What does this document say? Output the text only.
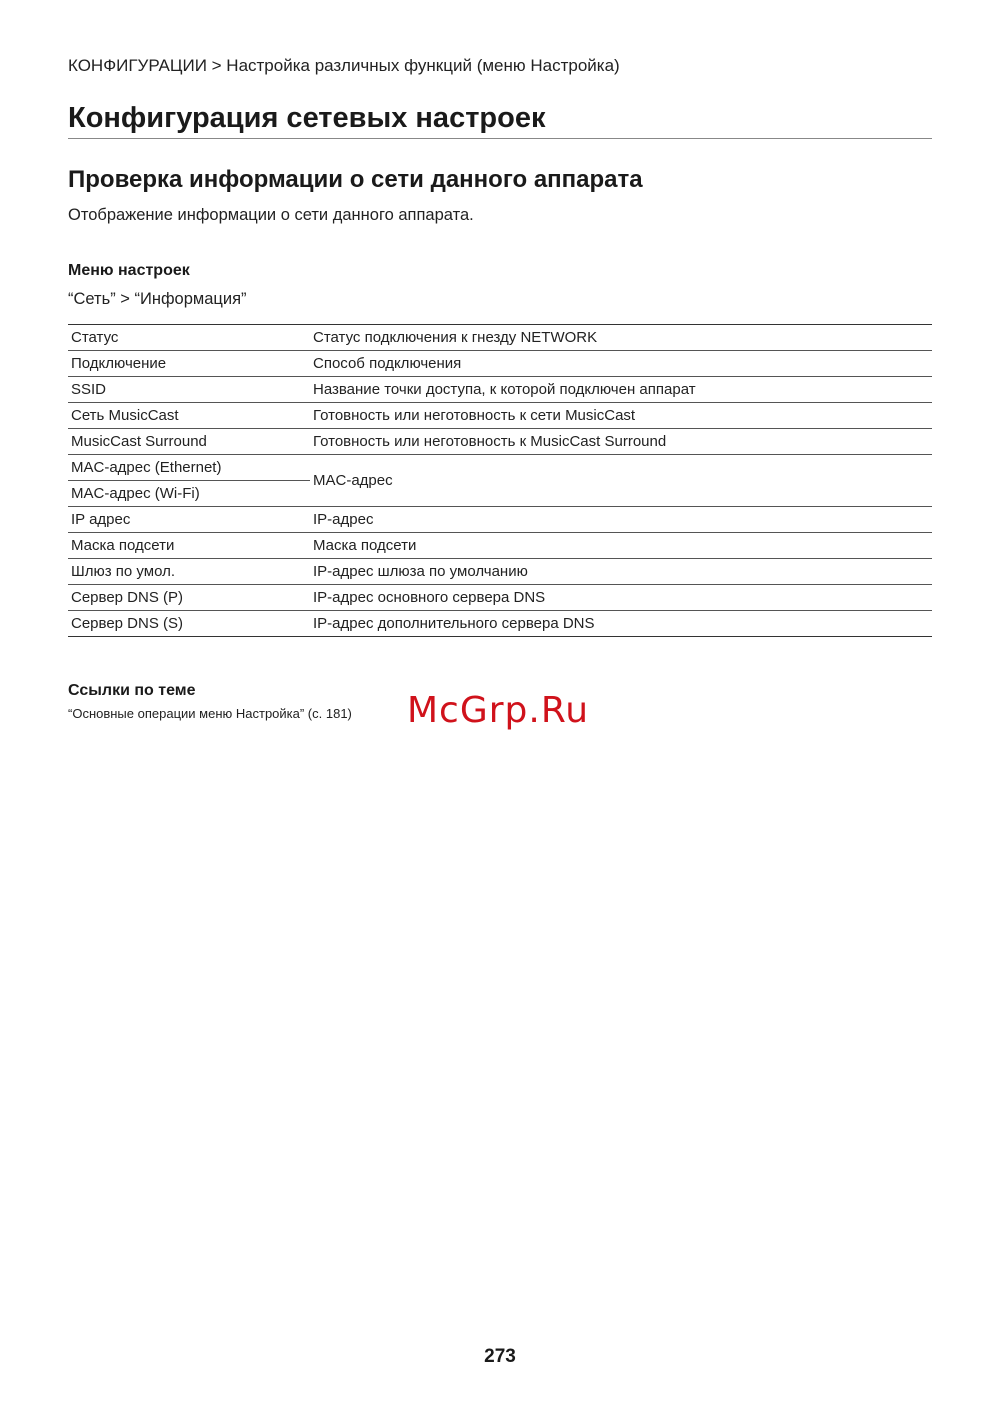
КОНФИГУРАЦИИ > Настройка различных функций (меню Настройка)
Конфигурация сетевых настроек
Проверка информации о сети данного аппарата
Отображение информации о сети данного аппарата.
Меню настроек
“Сеть” > “Информация”
Статус	Статус подключения к гнезду NETWORK
Подключение	Способ подключения
SSID	Название точки доступа, к которой подключен аппарат
Сеть MusicCast	Готовность или неготовность к сети MusicCast
MusicCast Surround	Готовность или неготовность к MusicCast Surround
MAC-адрес (Ethernet)	MAC-адрес
MAC-адрес (Wi-Fi)	
IP адрес	IP-адрес
Маска подсети	Маска подсети
Шлюз по умол.	IP-адрес шлюза по умолчанию
Сервер DNS (P)	IP-адрес основного сервера DNS
Сервер DNS (S)	IP-адрес дополнительного сервера DNS
Ссылки по теме
“Основные операции меню Настройка” (с. 181) McGrp.Ru
273
